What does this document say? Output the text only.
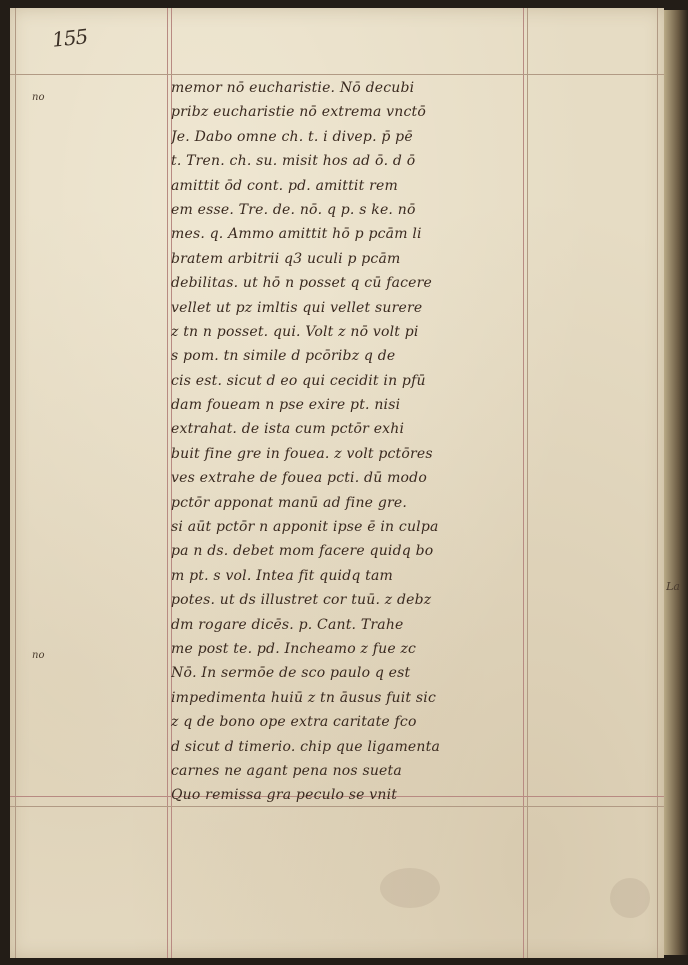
155
no
no
La
memor nō eucharistie. Nō decubi
pribz eucharistie nō extrema vnctō
Je. Dabo omne ch. t. i divep. p̄ pē
t. Tren. ch. su. misit hos ad ō. d ō
amittit ōd cont. pd. amittit rem
em esse. Tre. de. nō. q p. s ke. nō
mes. q. Ammo amittit hō p pcām li
bratem arbitrii q3 uculi p pcām
debilitas. ut hō n posset q cū facere
vellet ut pz imltis qui vellet surere
z tn n posset. qui. Volt z nō volt pi
s pom. tn simile d pcōribz q de
cis est. sicut d eo qui cecidit in pfū
dam foueam n pse exire pt. nisi
extrahat. de ista cum pctōr exhi
buit fine gre in fouea. z volt pctōres
ves extrahe de fouea pcti. dū modo
pctōr apponat manū ad fine gre.
si aūt pctōr n apponit ipse ē in culpa
pa n ds. debet mom facere quidq bo
m pt. s vol. Intea fit quidq tam
potes. ut ds illustret cor tuū. z debz
dm rogare dicēs. p. Cant. Trahe
me post te. pd. Incheamo z fue zc
Nō. In sermōe de sco paulo q est
impedimenta huiū z tn āusus fuit sic
z q de bono ope extra caritate fco
d sicut d timerio. chip que ligamenta
carnes ne agant pena nos sueta
Quo remissa gra peculo se vnit
